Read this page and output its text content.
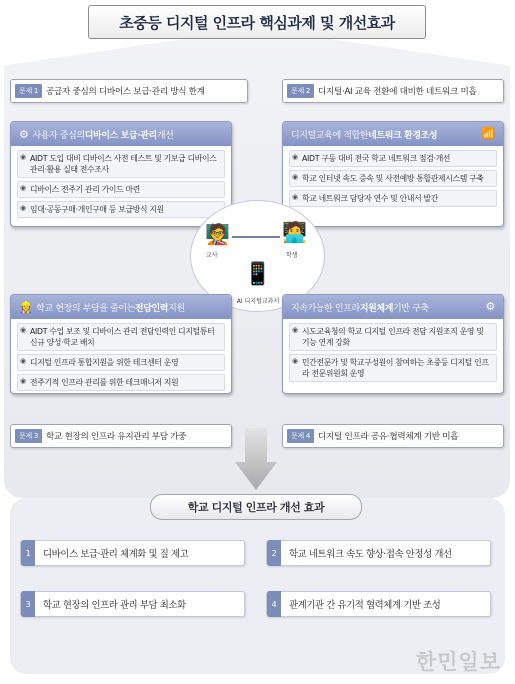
초중등 디지털 인프라 핵심과제 및 개선효과
문제 1 공급자 중심의 디바이스 보급·관리 방식 한계	문제 2 디지털·AI 교육 전환에 대비한 네트워크 미흡
⚙ 사용자 중심의 디바이스 보급·관리 개선
◉ AIDT 도입 대비 디바이스 사전 테스트 및 기보급 디바이스 관리·활용 실태 전수조사
◉ 디바이스 전주기 관리 가이드 마련
◉ 임대·공동구매·개인구매 등 보급방식 지원
디지털교육에 적합한 네트워크 환경조성	📶
◉ AIDT 구동 대비 전국 학교 네트워크 점검·개선
◉ 학교 인터넷 속도 증속 및 사전예방 통합관제시스템 구축
◉ 학교 네트워크 담당자 연수 및 안내서 발간
🧑‍🏫
교사
🧑‍💻
학생
📱
AI 디지털교과서
👷 학교 현장의 부담을 줄이는 전담인력 지원
◉ AIDT 수업 보조 및 디바이스 관리 전담인력인 디지털튜터 신규 양성·학교 배치
◉ 디지털 인프라 통합지원을 위한 테크센터 운영
◉ 전주기적 인프라 관리를 위한 테크매니저 지원
지속가능한 인프라 지원체계 기반 구축	⚙
◉ 시도교육청의 학교 디지털 인프라 전담 지원조직 운영 및 기능 연계 강화
◉ 민간전문가 및 학교구성원이 참여하는 초중등 디지털 인프라 전문위원회 운영
문제 3 학교 현장의 인프라 유지관리 부담 가중	문제 4 디지털 인프라 공유·협력체계 기반 미흡
학교 디지털 인프라 개선 효과
1	디바이스 보급·관리 체계화 및 질 제고	2	학교 네트워크 속도 향상·접속 안정성 개선
3	학교 현장의 인프라 관리 부담 최소화	4	관계기관 간 유기적 협력체계 기반 조성
한민일보
